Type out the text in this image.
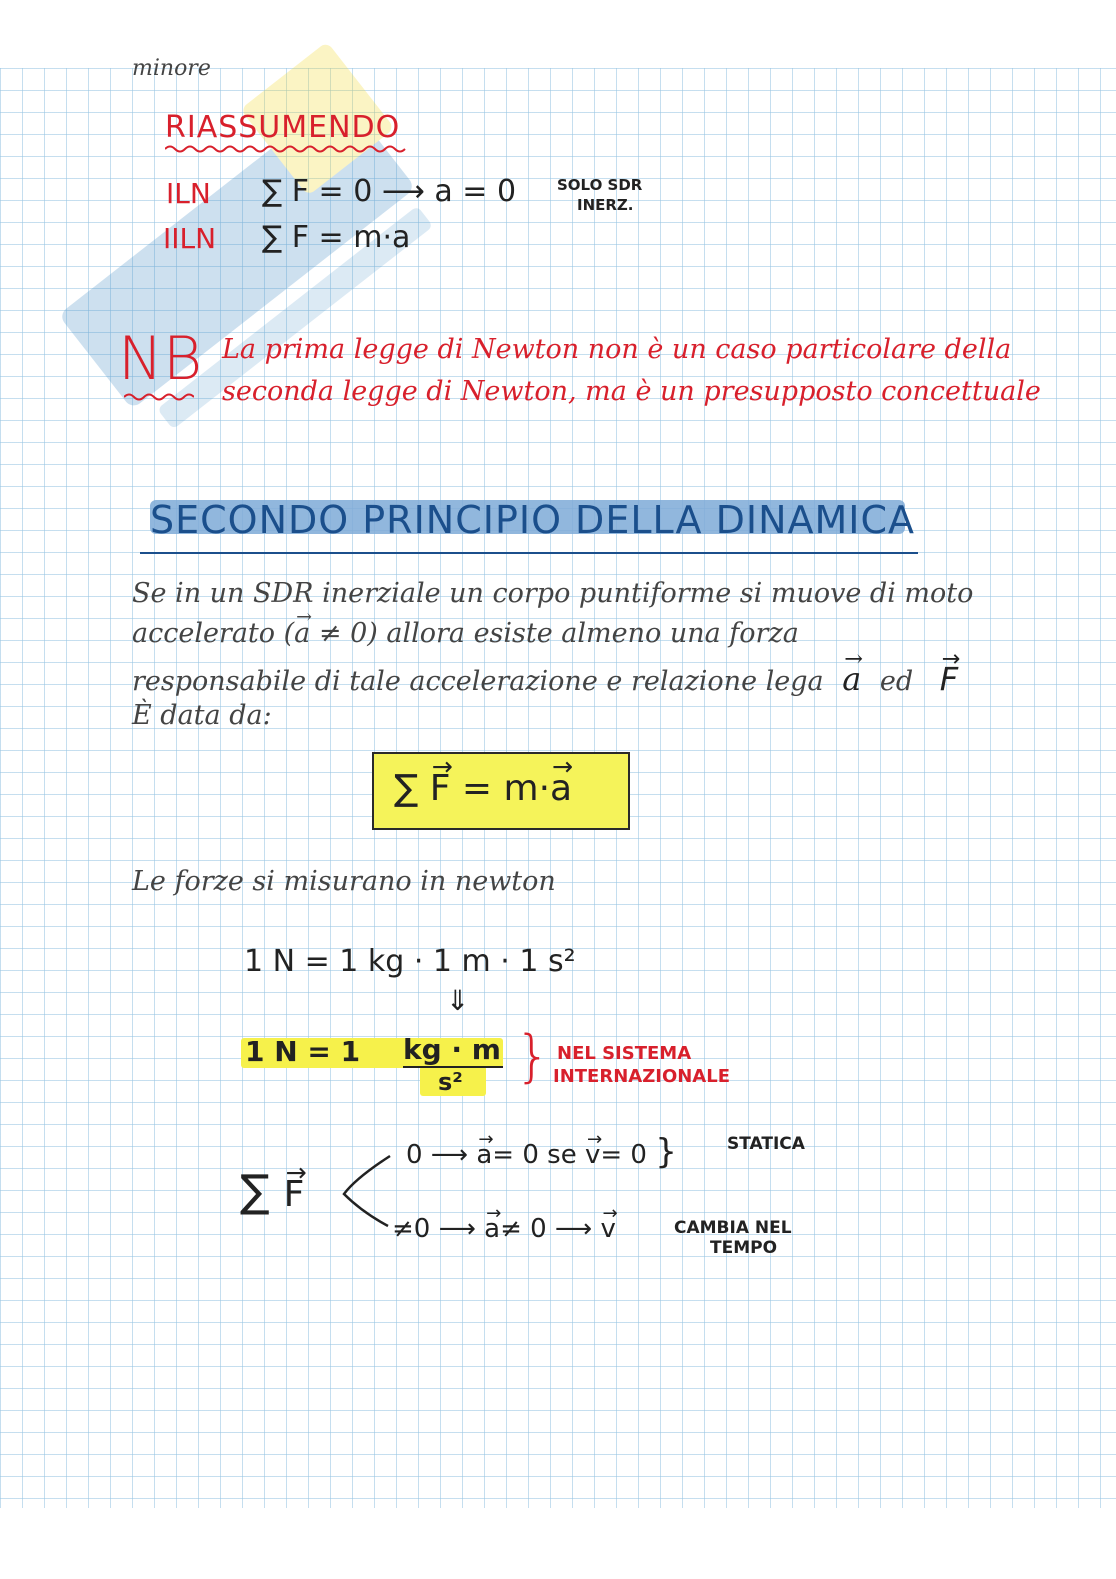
minore
RIASSUMENDO
ILN ∑ F = 0 ⟶ a = 0	SOLO SDR
INERZ.
IILN ∑ F = m·a
NB La prima legge di Newton non è un caso particolare della
seconda legge di Newton, ma è un presupposto concettuale
SECONDO PRINCIPIO DELLA DINAMICA
Se in un SDR inerziale un corpo puntiforme si muove di moto
accelerato (→ a ≠ 0) allora esiste almeno una forza
responsabile di tale accelerazione e relazione lega → a ed → F
È data da:
∑ → F = m·→ a
Le forze si misurano in newton
1 N = 1 kg · 1 m · 1 s²
⇓
1 N = 1 kg · m
s² } NEL SISTEMA
INTERNAZIONALE
∑ → F
0 ⟶ → a= 0 se → v= 0 }	STATICA
≠0 ⟶ → a≠ 0 ⟶ → v	CAMBIA NEL
TEMPO
